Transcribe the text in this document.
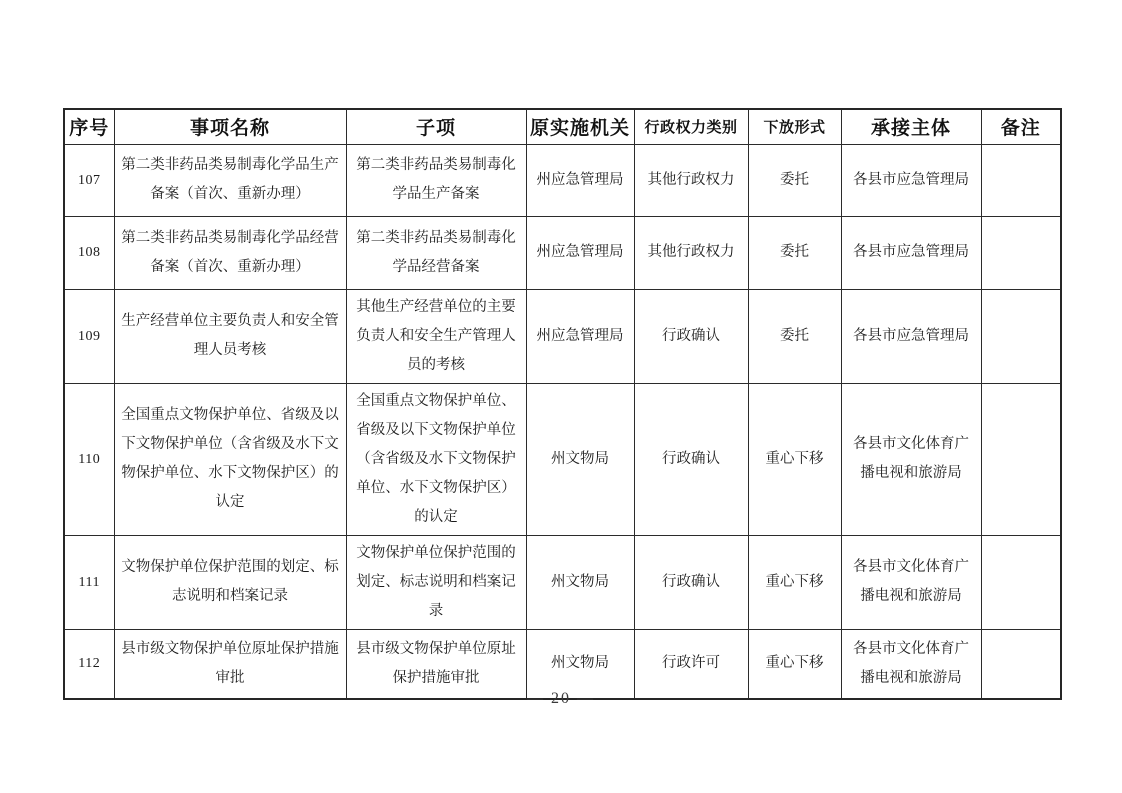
序号	事项名称	子项	原实施机关	行政权力类别	下放形式	承接主体	备注
107	第二类非药品类易制毒化学品生产备案（首次、重新办理）	第二类非药品类易制毒化学品生产备案	州应急管理局	其他行政权力	委托	各县市应急管理局	
108	第二类非药品类易制毒化学品经营备案（首次、重新办理）	第二类非药品类易制毒化学品经营备案	州应急管理局	其他行政权力	委托	各县市应急管理局	
109	生产经营单位主要负责人和安全管理人员考核	其他生产经营单位的主要负责人和安全生产管理人员的考核	州应急管理局	行政确认	委托	各县市应急管理局	
110	全国重点文物保护单位、省级及以下文物保护单位（含省级及水下文物保护单位、水下文物保护区）的认定	全国重点文物保护单位、省级及以下文物保护单位（含省级及水下文物保护单位、水下文物保护区）的认定	州文物局	行政确认	重心下移	各县市文化体育广播电视和旅游局	
111	文物保护单位保护范围的划定、标志说明和档案记录	文物保护单位保护范围的划定、标志说明和档案记录	州文物局	行政确认	重心下移	各县市文化体育广播电视和旅游局	
112	县市级文物保护单位原址保护措施审批	县市级文物保护单位原址保护措施审批	州文物局	行政许可	重心下移	各县市文化体育广播电视和旅游局	
— 20 —
